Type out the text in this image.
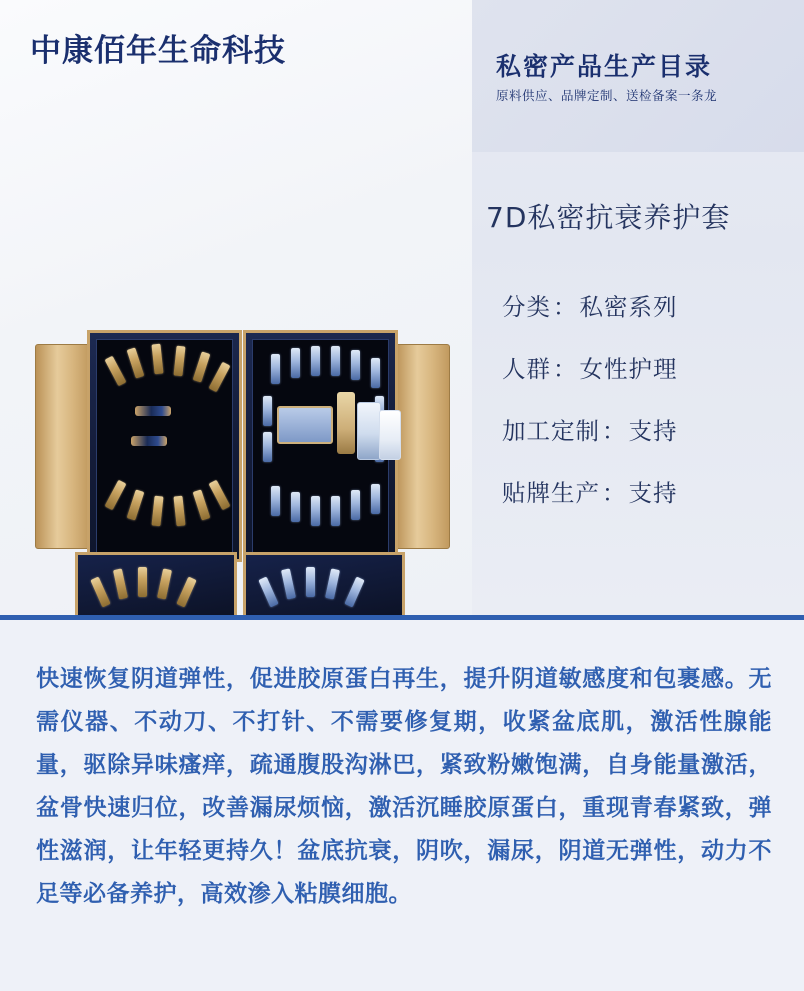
中康佰年生命科技	私密产品生产目录
原料供应、品牌定制、送检备案一条龙
7D私密抗衰养护套
分类 ： 私密系列
人群 ： 女性护理
加工定制 ： 支持
贴牌生产 ： 支持
快速恢复阴道弹性，促进胶原蛋白再生，提升阴道敏感度和包裹感。无需仪器、不动刀、不打针、不需要修复期，收紧盆底肌，激活性腺能量，驱除异味瘙痒，疏通腹股沟淋巴，紧致粉嫩饱满，自身能量激活，盆骨快速归位，改善漏尿烦恼，激活沉睡胶原蛋白，重现青春紧致，弹性滋润，让年轻更持久！盆底抗衰，阴吹，漏尿，阴道无弹性，动力不足等必备养护，高效渗入粘膜细胞。
